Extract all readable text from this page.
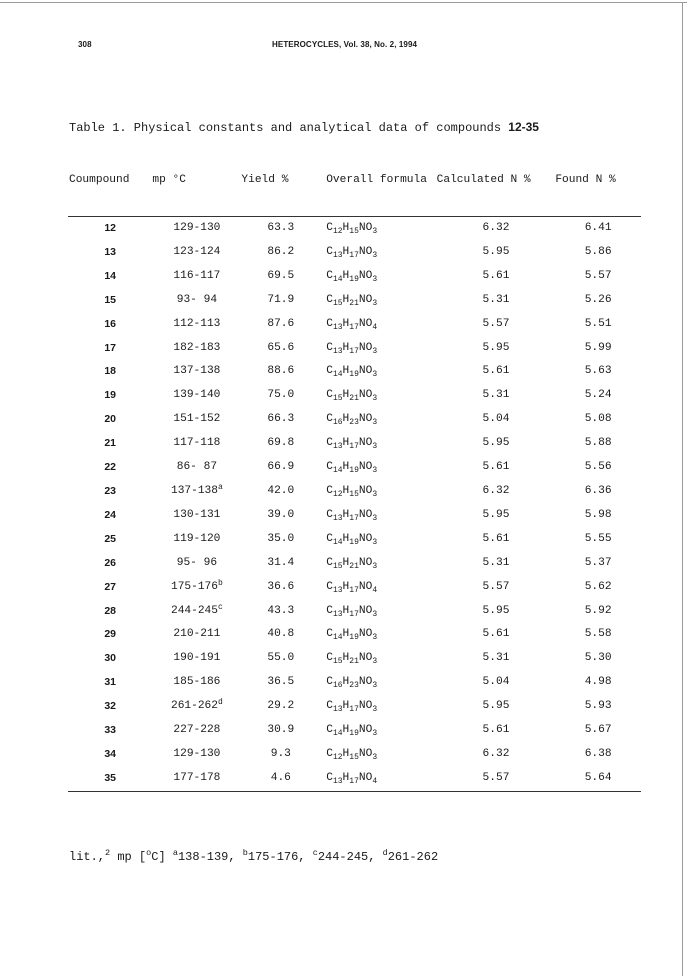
308	HETEROCYCLES, Vol. 38, No. 2, 1994
Table 1. Physical constants and analytical data of compounds 12-35
Coumpound	mp °C	Yield %	Overall formula	Calculated N %	Found N %
12	129-130	63.3	$C_{12}H_{15}NO_3$	6.32	6.41
13	123-124	86.2	$C_{13}H_{17}NO_3$	5.95	5.86
14	116-117	69.5	$C_{14}H_{19}NO_3$	5.61	5.57
15	93- 94	71.9	$C_{15}H_{21}NO_3$	5.31	5.26
16	112-113	87.6	$C_{13}H_{17}NO_4$	5.57	5.51
17	182-183	65.6	$C_{13}H_{17}NO_3$	5.95	5.99
18	137-138	88.6	$C_{14}H_{19}NO_3$	5.61	5.63
19	139-140	75.0	$C_{15}H_{21}NO_3$	5.31	5.24
20	151-152	66.3	$C_{16}H_{23}NO_3$	5.04	5.08
21	117-118	69.8	$C_{13}H_{17}NO_3$	5.95	5.88
22	86- 87	66.9	$C_{14}H_{19}NO_3$	5.61	5.56
23	137-138$^a$	42.0	$C_{12}H_{15}NO_3$	6.32	6.36
24	130-131	39.0	$C_{13}H_{17}NO_3$	5.95	5.98
25	119-120	35.0	$C_{14}H_{19}NO_3$	5.61	5.55
26	95- 96	31.4	$C_{15}H_{21}NO_3$	5.31	5.37
27	175-176$^b$	36.6	$C_{13}H_{17}NO_4$	5.57	5.62
28	244-245$^c$	43.3	$C_{13}H_{17}NO_3$	5.95	5.92
29	210-211	40.8	$C_{14}H_{19}NO_3$	5.61	5.58
30	190-191	55.0	$C_{15}H_{21}NO_3$	5.31	5.30
31	185-186	36.5	$C_{16}H_{23}NO_3$	5.04	4.98
32	261-262$^d$	29.2	$C_{13}H_{17}NO_3$	5.95	5.93
33	227-228	30.9	$C_{14}H_{19}NO_3$	5.61	5.67
34	129-130	9.3	$C_{12}H_{15}NO_3$	6.32	6.38
35	177-178	4.6	$C_{13}H_{17}NO_4$	5.57	5.64
lit.,$^2$ mp [$^o$C] $^a$138-139, $^b$175-176, $^c$244-245, $^d$261-262
